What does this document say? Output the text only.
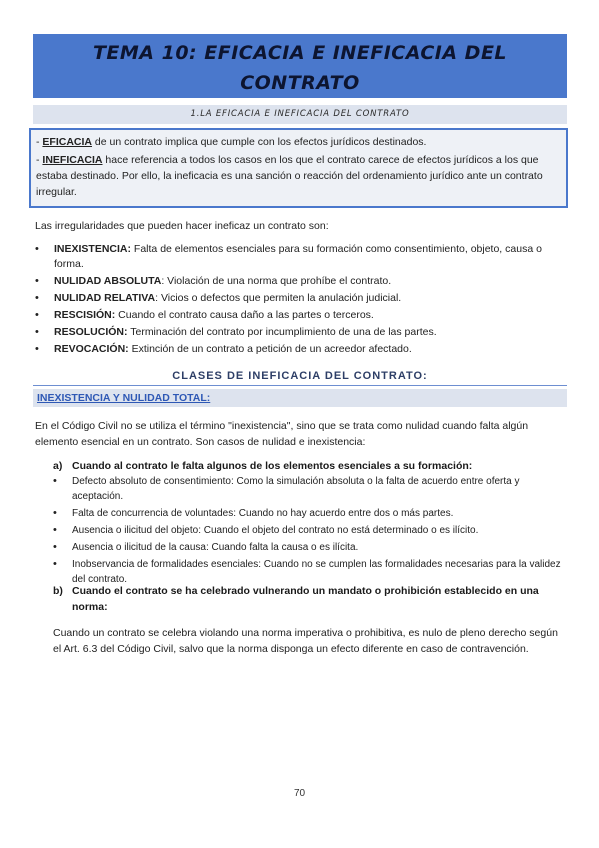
TEMA 10: EFICACIA E INEFICACIA DEL
CONTRATO
1.LA EFICACIA E INEFICACIA DEL CONTRATO

- EFICACIA de un contrato implica que cumple con los efectos jurídicos destinados.

- INEFICACIA hace referencia a todos los casos en los que el contrato carece de efectos jurídicos a los que estaba destinado. Por ello, la ineficacia es una sanción o reacción del ordenamiento jurídico ante un contrato irregular.

Las irregularidades que pueden hacer ineficaz un contrato son:
• INEXISTENCIA: Falta de elementos esenciales para su formación como consentimiento, objeto, causa o forma.
• NULIDAD ABSOLUTA: Violación de una norma que prohíbe el contrato.
• NULIDAD RELATIVA: Vicios o defectos que permiten la anulación judicial.
• RESCISIÓN: Cuando el contrato causa daño a las partes o terceros.
• RESOLUCIÓN: Terminación del contrato por incumplimiento de una de las partes.
• REVOCACIÓN: Extinción de un contrato a petición de un acreedor afectado.
CLASES DE INEFICACIA DEL CONTRATO:
INEXISTENCIA Y NULIDAD TOTAL:
En el Código Civil no se utiliza el término "inexistencia", sino que se trata como nulidad cuando falta algún elemento esencial en un contrato. Son casos de nulidad e inexistencia:
a) Cuando al contrato le falta algunos de los elementos esenciales a su formación:
• Defecto absoluto de consentimiento: Como la simulación absoluta o la falta de acuerdo entre oferta y aceptación.
• Falta de concurrencia de voluntades: Cuando no hay acuerdo entre dos o más partes.
• Ausencia o ilicitud del objeto: Cuando el objeto del contrato no está determinado o es ilícito.
• Ausencia o ilicitud de la causa: Cuando falta la causa o es ilícita.
• Inobservancia de formalidades esenciales: Cuando no se cumplen las formalidades necesarias para la validez del contrato.
b) Cuando el contrato se ha celebrado vulnerando un mandato o prohibición establecido en una norma:
Cuando un contrato se celebra violando una norma imperativa o prohibitiva, es nulo de pleno derecho según el Art. 6.3 del Código Civil, salvo que la norma disponga un efecto diferente en caso de contravención.
70
